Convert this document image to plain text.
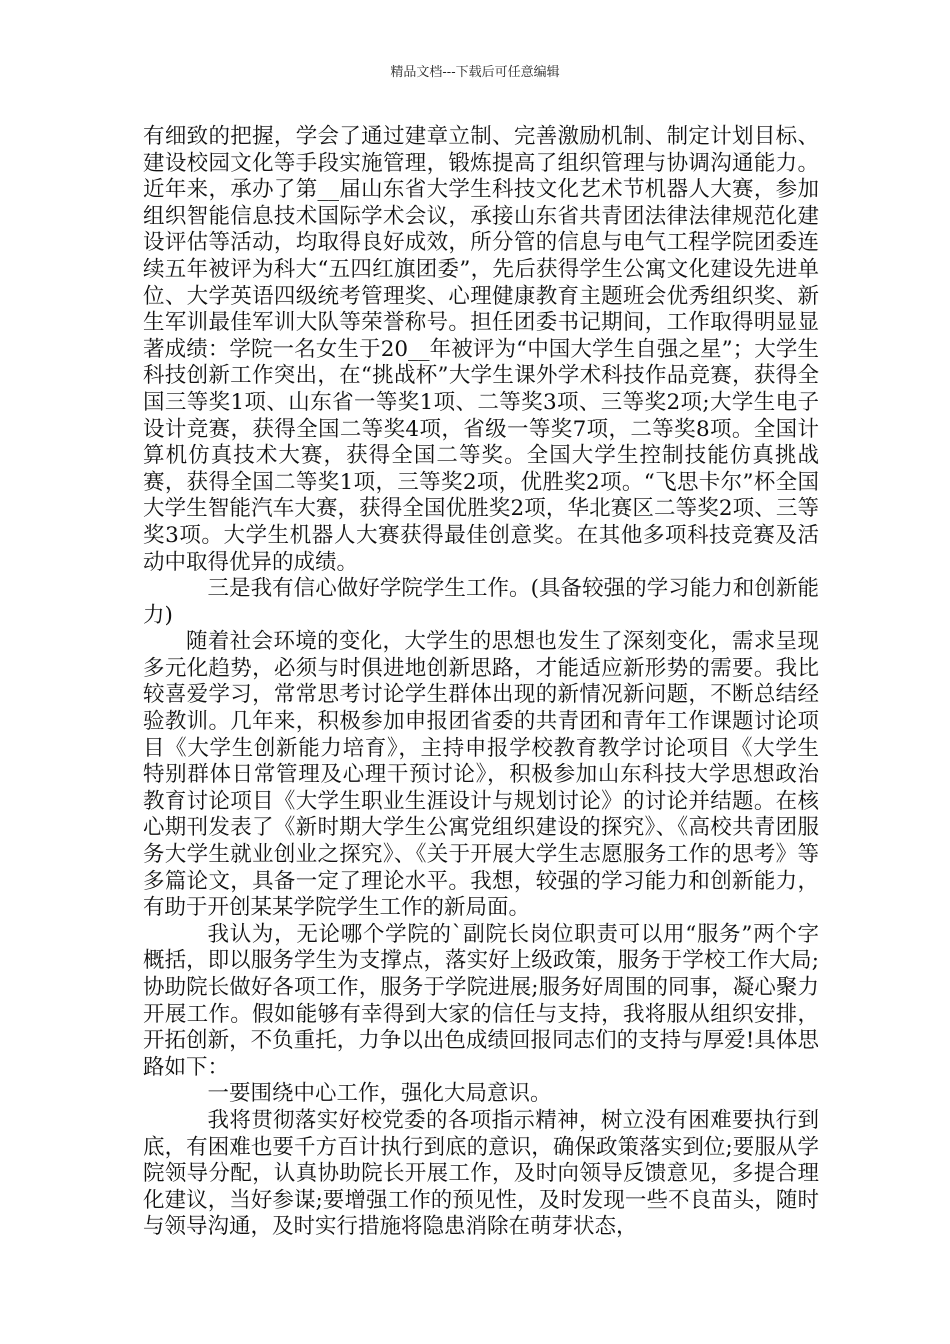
精品文档---下载后可任意编辑

有细致的把握，学会了通过建章立制、完善激励机制、制定计划目标、建设校园文化等手段实施管理，锻炼提高了组织管理与协调沟通能力。近年来，承办了第__届山东省大学生科技文化艺术节机器人大赛，参加组织智能信息技术国际学术会议，承接山东省共青团法律法律规范化建设评估等活动，均取得良好成效，所分管的信息与电气工程学院团委连续五年被评为科大“五四红旗团委”，先后获得学生公寓文化建设先进单位、大学英语四级统考管理奖、心理健康教育主题班会优秀组织奖、新生军训最佳军训大队等荣誉称号。担任团委书记期间，工作取得明显显著成绩：学院一名女生于20__年被评为“中国大学生自强之星”；大学生科技创新工作突出，在“挑战杯”大学生课外学术科技作品竞赛，获得全国三等奖1项、山东省一等奖1项、二等奖3项、三等奖2项;大学生电子设计竞赛，获得全国二等奖4项，省级一等奖7项，二等奖8项。全国计算机仿真技术大赛，获得全国二等奖。全国大学生控制技能仿真挑战赛，获得全国二等奖1项，三等奖2项，优胜奖2项。“飞思卡尔”杯全国大学生智能汽车大赛，获得全国优胜奖2项，华北赛区二等奖2项、三等奖3项。大学生机器人大赛获得最佳创意奖。在其他多项科技竞赛及活动中取得优异的成绩。

三是我有信心做好学院学生工作。(具备较强的学习能力和创新能力)

随着社会环境的变化，大学生的思想也发生了深刻变化，需求呈现多元化趋势，必须与时俱进地创新思路，才能适应新形势的需要。我比较喜爱学习，常常思考讨论学生群体出现的新情况新问题，不断总结经验教训。几年来，积极参加申报团省委的共青团和青年工作课题讨论项目《大学生创新能力培育》，主持申报学校教育教学讨论项目《大学生特别群体日常管理及心理干预讨论》，积极参加山东科技大学思想政治教育讨论项目《大学生职业生涯设计与规划讨论》的讨论并结题。在核心期刊发表了《新时期大学生公寓党组织建设的探究》、《高校共青团服务大学生就业创业之探究》、《关于开展大学生志愿服务工作的思考》等多篇论文，具备一定了理论水平。我想，较强的学习能力和创新能力，有助于开创某某学院学生工作的新局面。

我认为，无论哪个学院的`副院长岗位职责可以用“服务”两个字概括，即以服务学生为支撑点，落实好上级政策，服务于学校工作大局;协助院长做好各项工作，服务于学院进展;服务好周围的同事，凝心聚力开展工作。假如能够有幸得到大家的信任与支持，我将服从组织安排，开拓创新，不负重托，力争以出色成绩回报同志们的支持与厚爱!具体思路如下：

一要围绕中心工作，强化大局意识。

我将贯彻落实好校党委的各项指示精神，树立没有困难要执行到底，有困难也要千方百计执行到底的意识，确保政策落实到位;要服从学院领导分配，认真协助院长开展工作，及时向领导反馈意见，多提合理化建议，当好参谋;要增强工作的预见性，及时发现一些不良苗头，随时与领导沟通，及时实行措施将隐患消除在萌芽状态，
